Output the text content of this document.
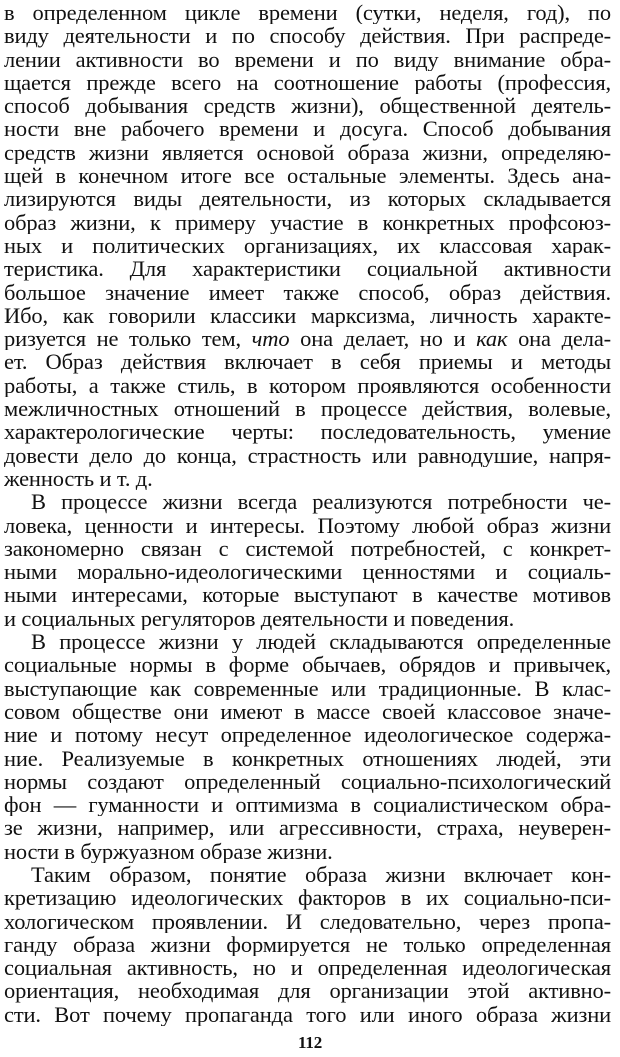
в определенном цикле времени (сутки, неделя, год), по
виду деятельности и по способу действия. При распреде-
лении активности во времени и по виду внимание обра-
щается прежде всего на соотношение работы (профессия,
способ добывания средств жизни), общественной деятель-
ности вне рабочего времени и досуга. Способ добывания
средств жизни является основой образа жизни, определяю-
щей в конечном итоге все остальные элементы. Здесь ана-
лизируются виды деятельности, из которых складывается
образ жизни, к примеру участие в конкретных профсоюз-
ных и политических организациях, их классовая харак-
теристика. Для характеристики социальной активности
большое значение имеет также способ, образ действия.
Ибо, как говорили классики марксизма, личность характе-
ризуется не только тем, что она делает, но и как она дела-
ет. Образ действия включает в себя приемы и методы
работы, а также стиль, в котором проявляются особенности
межличностных отношений в процессе действия, волевые,
характерологические черты: последовательность, умение
довести дело до конца, страстность или равнодушие, напря-
женность и т. д.
В процессе жизни всегда реализуются потребности че-
ловека, ценности и интересы. Поэтому любой образ жизни
закономерно связан с системой потребностей, с конкрет-
ными морально-идеологическими ценностями и социаль-
ными интересами, которые выступают в качестве мотивов
и социальных регуляторов деятельности и поведения.
В процессе жизни у людей складываются определенные
социальные нормы в форме обычаев, обрядов и привычек,
выступающие как современные или традиционные. В клас-
совом обществе они имеют в массе своей классовое значе-
ние и потому несут определенное идеологическое содержа-
ние. Реализуемые в конкретных отношениях людей, эти
нормы создают определенный социально-психологический
фон — гуманности и оптимизма в социалистическом обра-
зе жизни, например, или агрессивности, страха, неуверен-
ности в буржуазном образе жизни.
Таким образом, понятие образа жизни включает кон-
кретизацию идеологических факторов в их социально-пси-
хологическом проявлении. И следовательно, через пропа-
ганду образа жизни формируется не только определенная
социальная активность, но и определенная идеологическая
ориентация, необходимая для организации этой активно-
сти. Вот почему пропаганда того или иного образа жизни
112
